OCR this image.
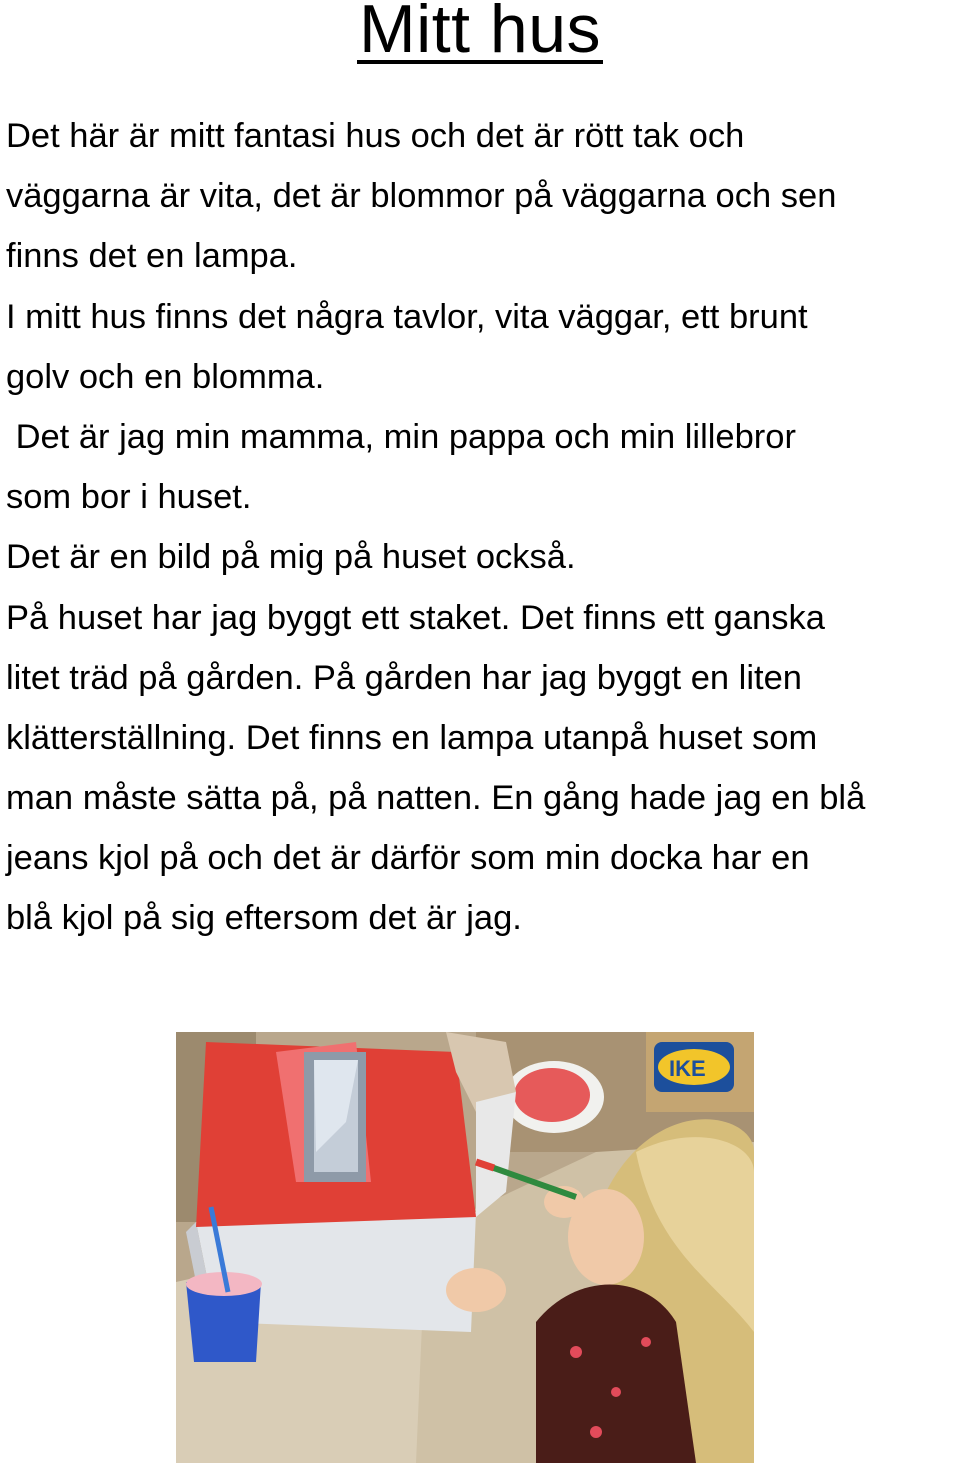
Mitt hus
Det här är mitt fantasi hus och det är rött tak och
väggarna är vita, det är blommor på väggarna och sen
finns det en lampa.
I mitt hus finns det några tavlor, vita väggar, ett brunt
golv och en blomma.
Det är jag min mamma, min pappa och min lillebror
som bor i huset.
Det är en bild på mig på huset också.
På huset har jag byggt ett staket. Det finns ett ganska
litet träd på gården. På gården har jag byggt en liten
klätterställning. Det finns en lampa utanpå huset som
man måste sätta på, på natten. En gång hade jag en blå
jeans kjol på och det är därför som min docka har en
blå kjol på sig eftersom det är jag.
IKE
